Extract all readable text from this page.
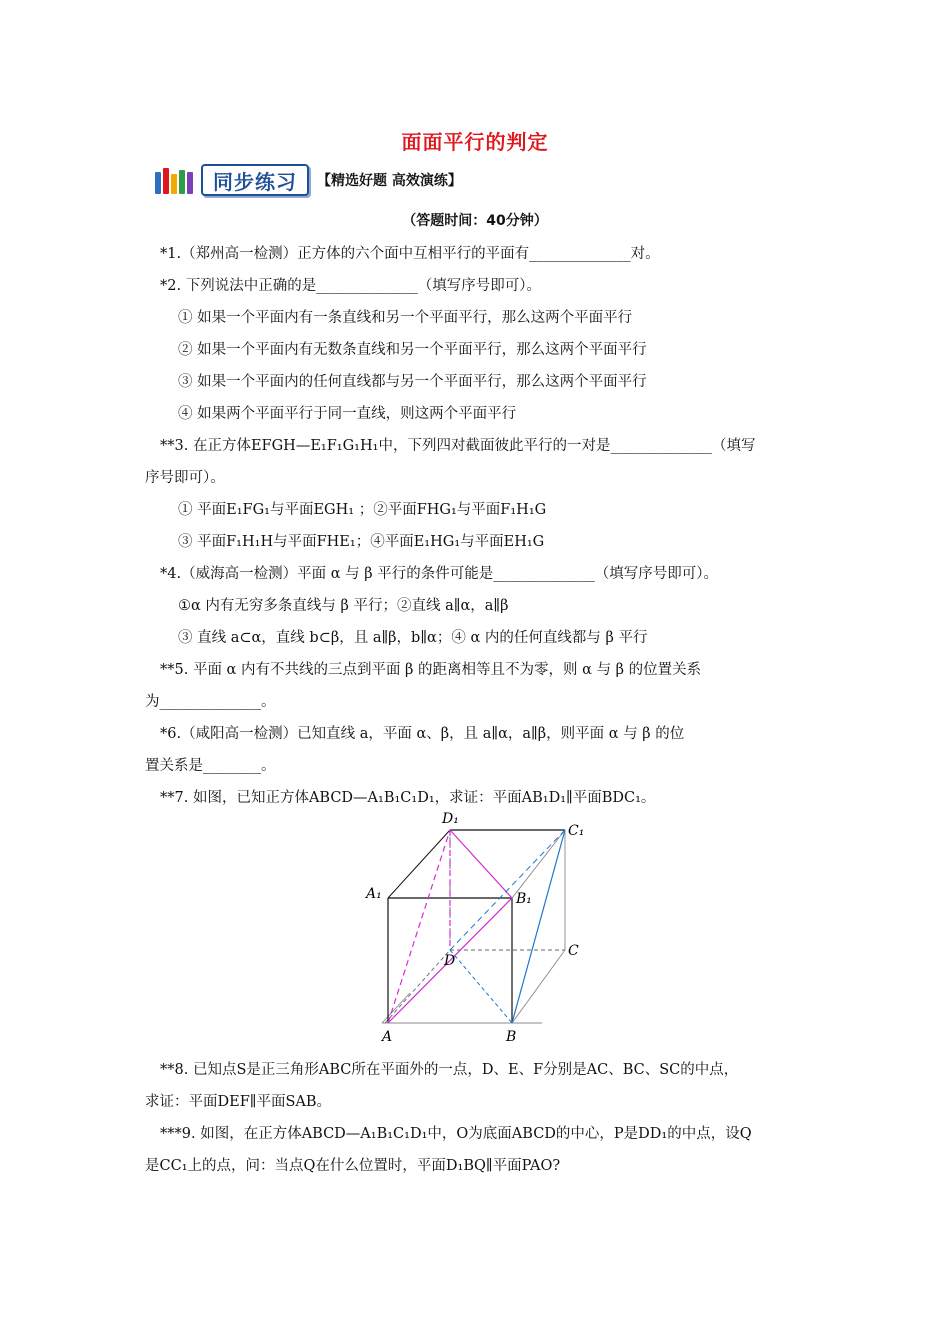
面面平行的判定
同步练习 【精选好题 高效演练】
（答题时间：40分钟）
*1.（郑州高一检测）正方体的六个面中互相平行的平面有______________对。
*2. 下列说法中正确的是______________（填写序号即可）。
① 如果一个平面内有一条直线和另一个平面平行，那么这两个平面平行
② 如果一个平面内有无数条直线和另一个平面平行，那么这两个平面平行
③ 如果一个平面内的任何直线都与另一个平面平行，那么这两个平面平行
④ 如果两个平面平行于同一直线，则这两个平面平行
**3. 在正方体EFGH—E₁F₁G₁H₁中，下列四对截面彼此平行的一对是______________（填写
序号即可）。
① 平面E₁FG₁与平面EGH₁ ；②平面FHG₁与平面F₁H₁G
③ 平面F₁H₁H与平面FHE₁；④平面E₁HG₁与平面EH₁G
*4.（威海高一检测）平面 α 与 β 平行的条件可能是______________（填写序号即可）。
①α 内有无穷多条直线与 β 平行；②直线 a∥α，a∥β
③ 直线 a⊂α，直线 b⊂β，且 a∥β，b∥α；④ α 内的任何直线都与 β 平行
**5. 平面 α 内有不共线的三点到平面 β 的距离相等且不为零，则 α 与 β 的位置关系
为______________。
*6.（咸阳高一检测）已知直线 a，平面 α、β，且 a∥α，a∥β，则平面 α 与 β 的位
置关系是________。
**7. 如图，已知正方体ABCD—A₁B₁C₁D₁，求证：平面AB₁D₁∥平面BDC₁。
D₁
C₁
A₁	B₁
D
C
A	B
**8. 已知点S是正三角形ABC所在平面外的一点，D、E、F分别是AC、BC、SC的中点，
求证：平面DEF∥平面SAB。
***9. 如图，在正方体ABCD—A₁B₁C₁D₁中，O为底面ABCD的中心，P是DD₁的中点，设Q
是CC₁上的点，问：当点Q在什么位置时，平面D₁BQ∥平面PAO?
